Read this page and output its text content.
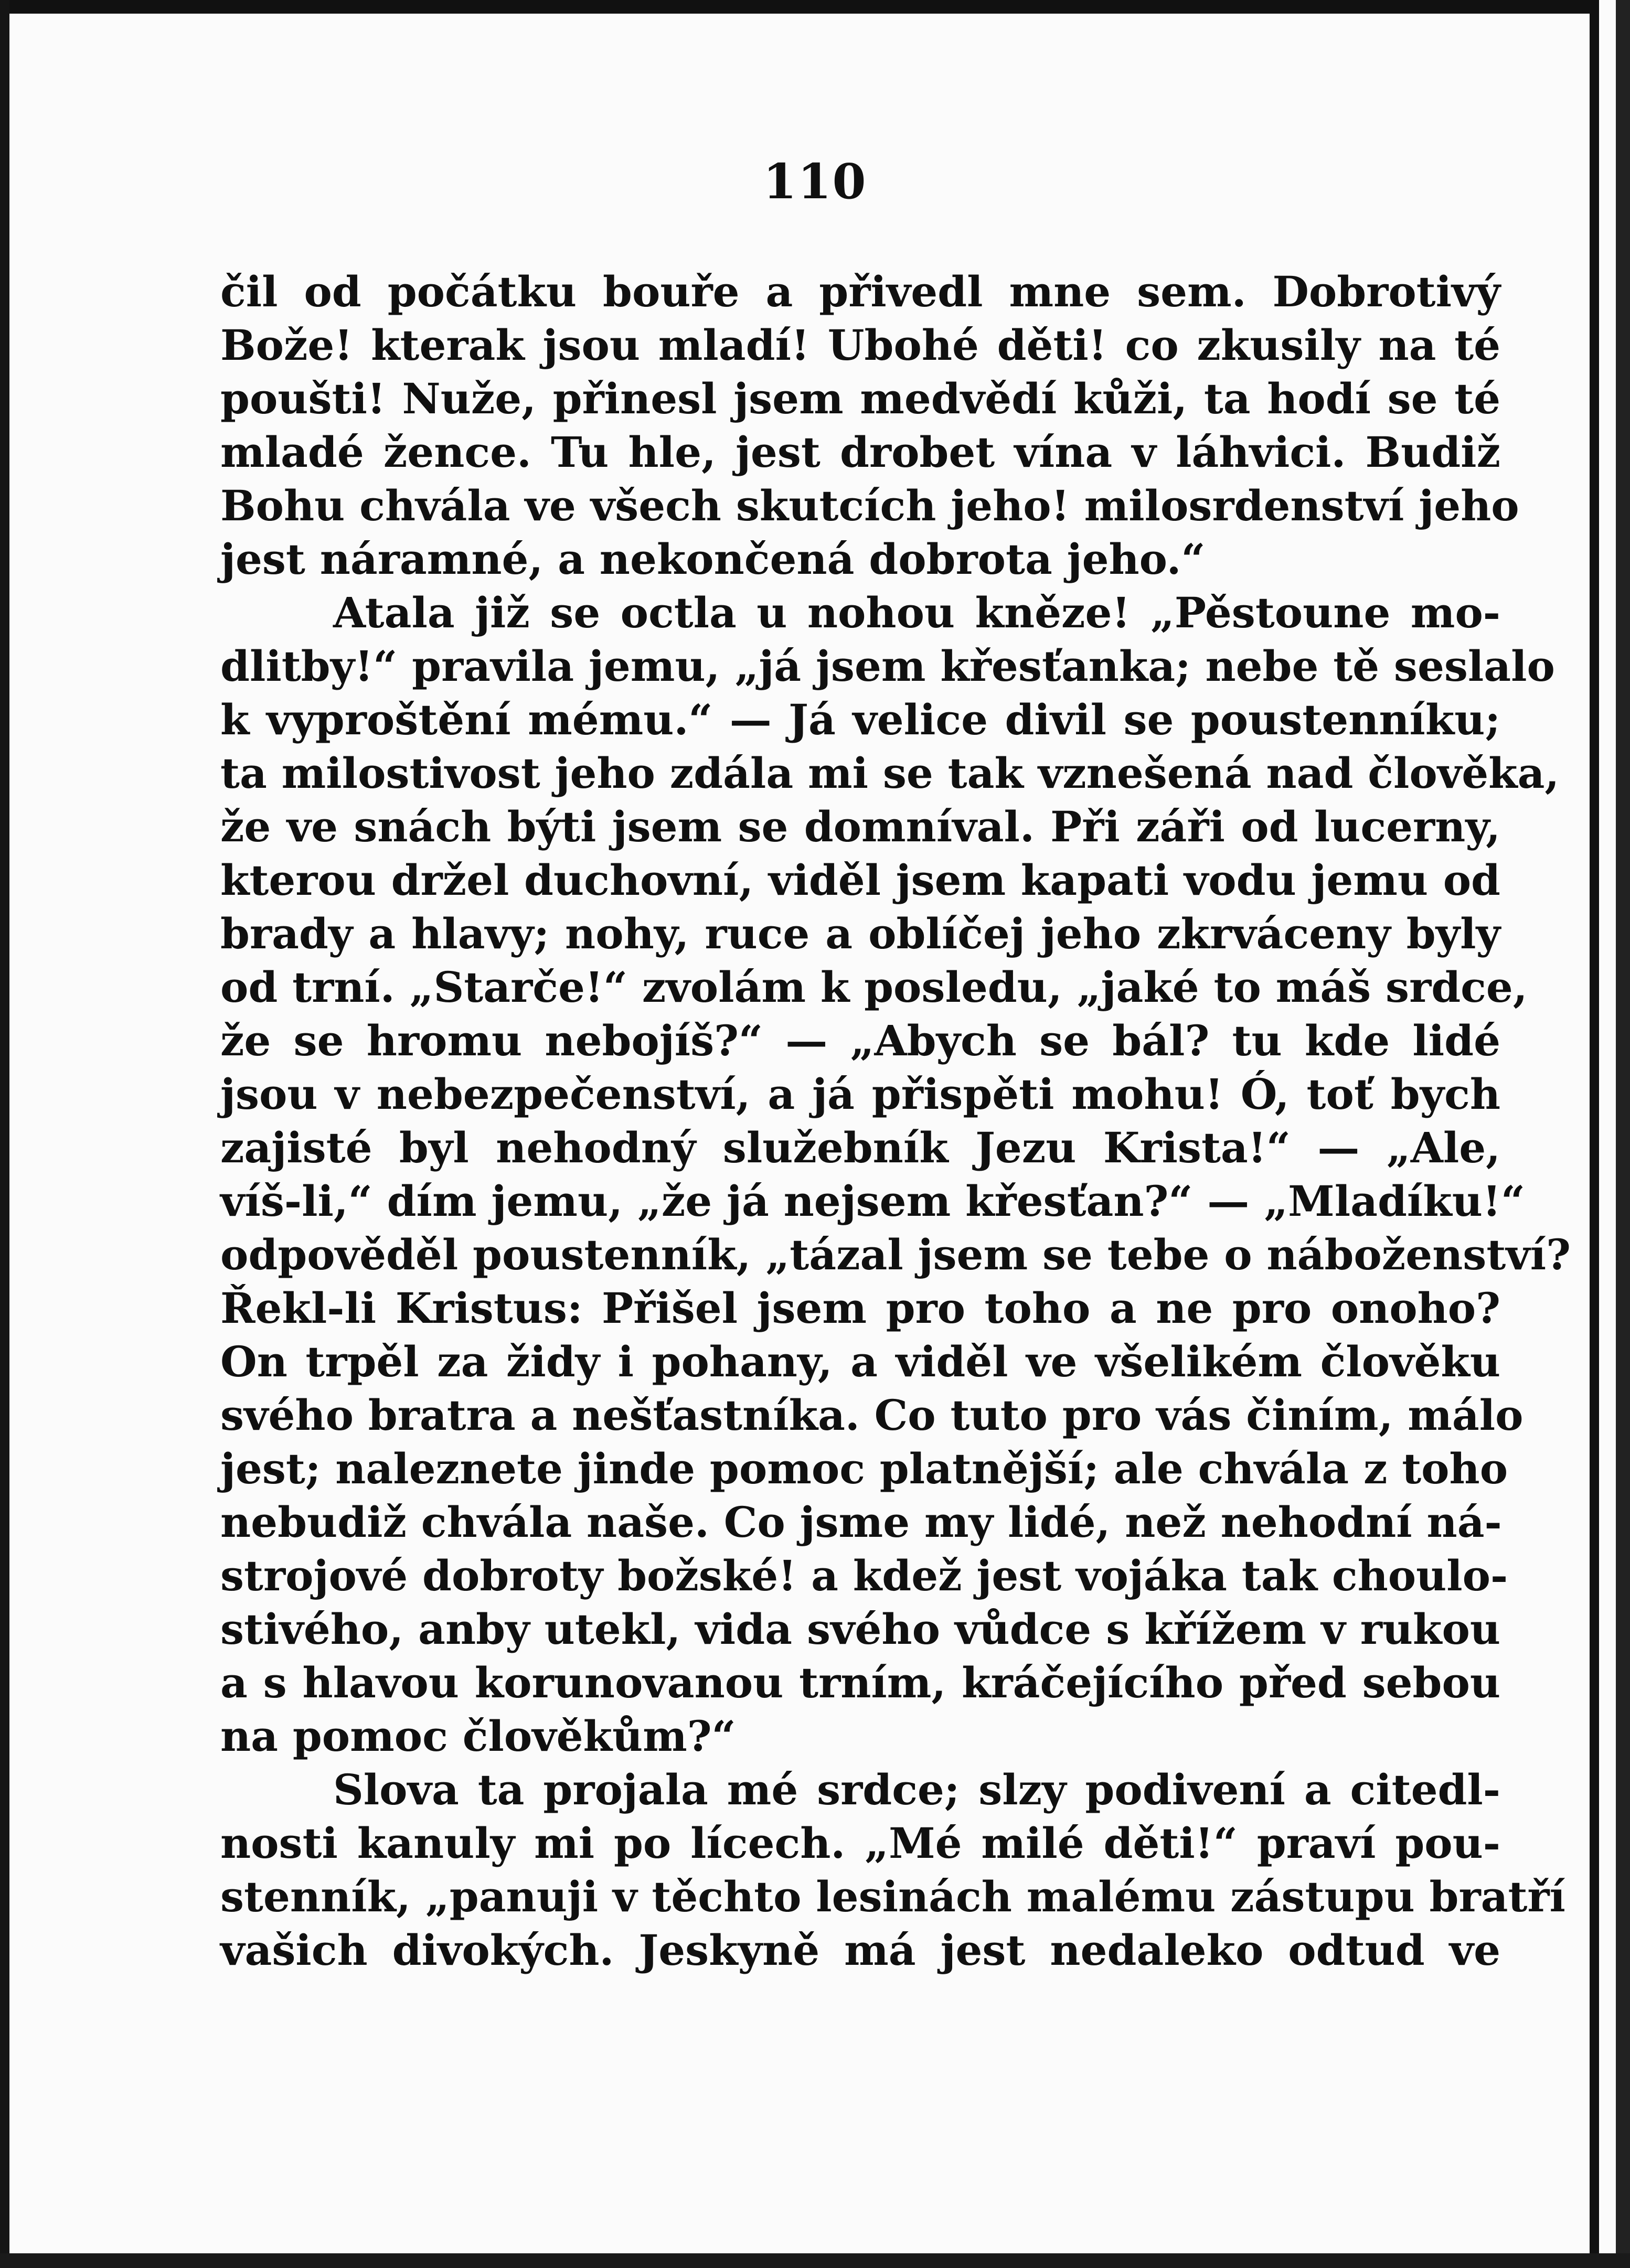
110
čil od počátku bouře a přivedl mne sem. Dobrotivý
Bože! kterak jsou mladí! Ubohé děti! co zkusily na té
poušti! Nuže, přinesl jsem medvědí kůži, ta hodí se té
mladé žence. Tu hle, jest drobet vína v láhvici. Budiž
Bohu chvála ve všech skutcích jeho! milosrdenství jeho
jest náramné, a nekončená dobrota jeho.“
Atala již se octla u nohou kněze! „Pěstoune mo-
dlitby!“ pravila jemu, „já jsem křesťanka; nebe tě seslalo
k vyproštění mému.“ — Já velice divil se poustenníku;
ta milostivost jeho zdála mi se tak vznešená nad člověka,
že ve snách býti jsem se domníval. Při záři od lucerny,
kterou držel duchovní, viděl jsem kapati vodu jemu od
brady a hlavy; nohy, ruce a oblíčej jeho zkrváceny byly
od trní. „Starče!“ zvolám k posledu, „jaké to máš srdce,
že se hromu nebojíš?“ — „Abych se bál? tu kde lidé
jsou v nebezpečenství, a já přispěti mohu! Ó, toť bych
zajisté byl nehodný služebník Jezu Krista!“ — „Ale,
víš-li,“ dím jemu, „že já nejsem křesťan?“ — „Mladíku!“
odpověděl poustenník, „tázal jsem se tebe o náboženství?
Řekl-li Kristus: Přišel jsem pro toho a ne pro onoho?
On trpěl za židy i pohany, a viděl ve všelikém člověku
svého bratra a nešťastníka. Co tuto pro vás činím, málo
jest; naleznete jinde pomoc platnější; ale chvála z toho
nebudiž chvála naše. Co jsme my lidé, než nehodní ná-
strojové dobroty božské! a kdež jest vojáka tak choulo-
stivého, anby utekl, vida svého vůdce s křížem v rukou
a s hlavou korunovanou trním, kráčejícího před sebou
na pomoc člověkům?“
Slova ta projala mé srdce; slzy podivení a citedl-
nosti kanuly mi po lícech. „Mé milé děti!“ praví pou-
stenník, „panuji v těchto lesinách malému zástupu bratří
vašich divokých. Jeskyně má jest nedaleko odtud ve
